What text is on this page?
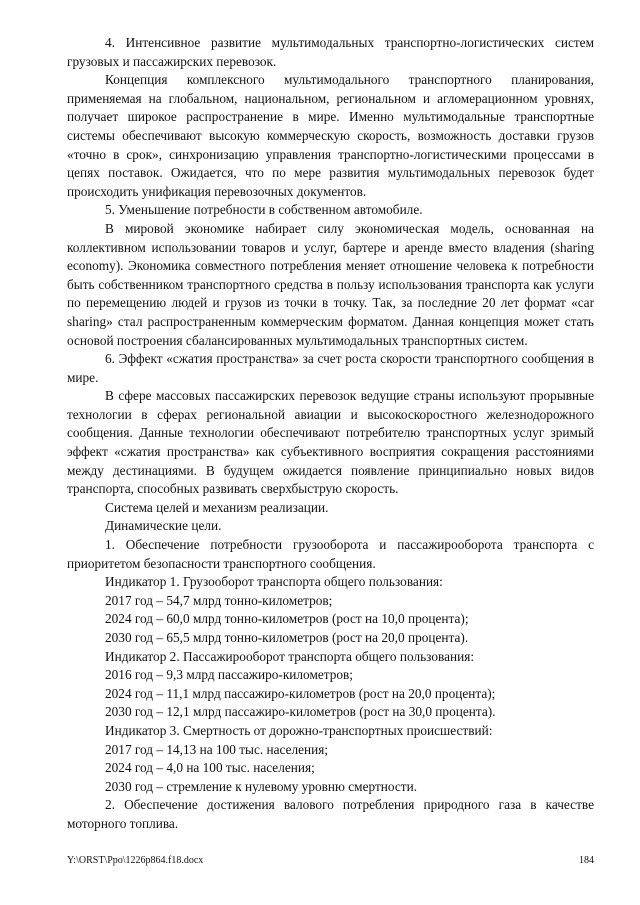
4. Интенсивное развитие мультимодальных транспортно-логистических систем грузовых и пассажирских перевозок.

Концепция комплексного мультимодального транспортного планирования, применяемая на глобальном, национальном, региональном и агломерационном уровнях, получает широкое распространение в мире. Именно мультимодальные транспортные системы обеспечивают высокую коммерческую скорость, возможность доставки грузов «точно в срок», синхронизацию управления транспортно-логистическими процессами в цепях поставок. Ожидается, что по мере развития мультимодальных перевозок будет происходить унификация перевозочных документов.

5. Уменьшение потребности в собственном автомобиле.

В мировой экономике набирает силу экономическая модель, основанная на коллективном использовании товаров и услуг, бартере и аренде вместо владения (sharing economy). Экономика совместного потребления меняет отношение человека к потребности быть собственником транспортного средства в пользу использования транспорта как услуги по перемещению людей и грузов из точки в точку. Так, за последние 20 лет формат «car sharing» стал распространенным коммерческим форматом. Данная концепция может стать основой построения сбалансированных мультимодальных транспортных систем.

6. Эффект «сжатия пространства» за счет роста скорости транспортного сообщения в мире.

В сфере массовых пассажирских перевозок ведущие страны используют прорывные технологии в сферах региональной авиации и высокоскоростного железнодорожного сообщения. Данные технологии обеспечивают потребителю транспортных услуг зримый эффект «сжатия пространства» как субъективного восприятия сокращения расстояниями между дестинациями. В будущем ожидается появление принципиально новых видов транспорта, способных развивать сверхбыструю скорость.

Система целей и механизм реализации.

Динамические цели.

1. Обеспечение потребности грузооборота и пассажирооборота транспорта с приоритетом безопасности транспортного сообщения.

Индикатор 1. Грузооборот транспорта общего пользования:

2017 год – 54,7 млрд тонно-километров;

2024 год – 60,0 млрд тонно-километров (рост на 10,0 процента);

2030 год – 65,5 млрд тонно-километров (рост на 20,0 процента).

Индикатор 2. Пассажирооборот транспорта общего пользования:

2016 год – 9,3 млрд пассажиро-километров;

2024 год – 11,1 млрд пассажиро-километров (рост на 20,0 процента);

2030 год – 12,1 млрд пассажиро-километров (рост на 30,0 процента).

Индикатор 3. Смертность от дорожно-транспортных происшествий:

2017 год – 14,13 на 100 тыс. населения;

2024 год – 4,0 на 100 тыс. населения;

2030 год – стремление к нулевому уровню смертности.

2. Обеспечение достижения валового потребления природного газа в качестве моторного топлива.

Y:\ORST\Ppo\1226p864.f18.docx	184
